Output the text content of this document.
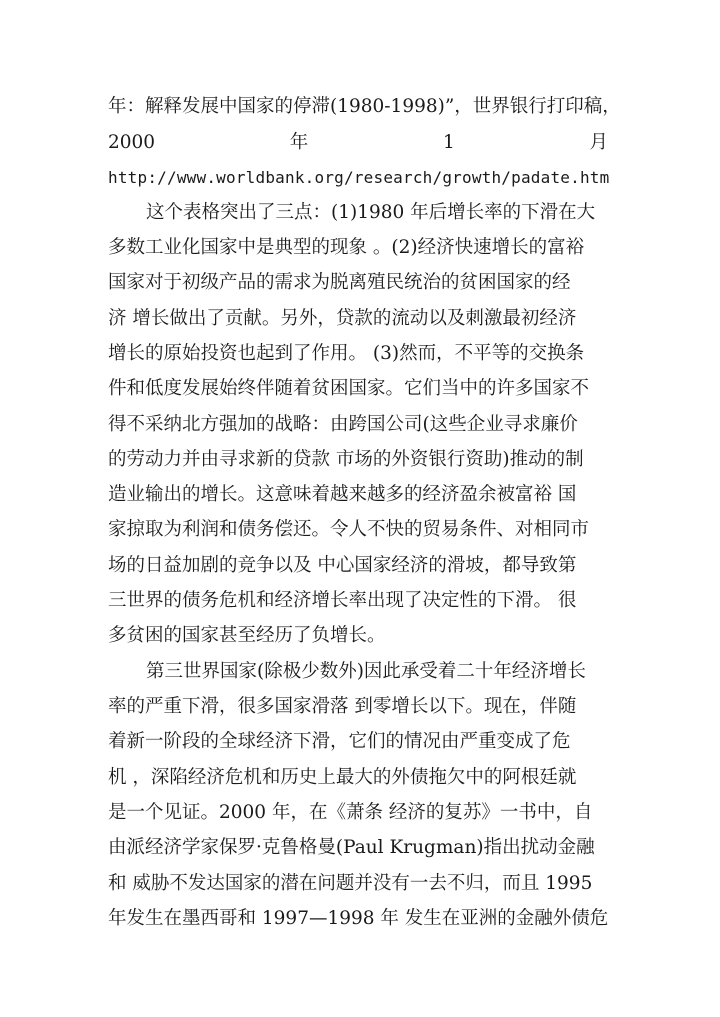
年：解释发展中国家的停滞(1980-1998)”，世界银行打印稿，
2000	年	1	月
http://www.worldbank.org/research/growth/padate.htm
这个表格突出了三点：(1)1980 年后增长率的下滑在大
多数工业化国家中是典型的现象 。(2)经济快速增长的富裕
国家对于初级产品的需求为脱离殖民统治的贫困国家的经
济 增长做出了贡献。另外，贷款的流动以及刺激最初经济
增长的原始投资也起到了作用。 (3)然而，不平等的交换条
件和低度发展始终伴随着贫困国家。它们当中的许多国家不
得不采纳北方强加的战略：由跨国公司(这些企业寻求廉价
的劳动力并由寻求新的贷款 市场的外资银行资助)推动的制
造业输出的增长。这意味着越来越多的经济盈余被富裕 国
家掠取为利润和债务偿还。令人不快的贸易条件、对相同市
场的日益加剧的竞争以及 中心国家经济的滑坡，都导致第
三世界的债务危机和经济增长率出现了决定性的下滑。 很
多贫困的国家甚至经历了负增长。
第三世界国家(除极少数外)因此承受着二十年经济增长
率的严重下滑，很多国家滑落 到零增长以下。现在，伴随
着新一阶段的全球经济下滑，它们的情况由严重变成了危
机 ，深陷经济危机和历史上最大的外债拖欠中的阿根廷就
是一个见证。2000 年，在《萧条 经济的复苏》一书中，自
由派经济学家保罗·克鲁格曼(Paul Krugman)指出扰动金融
和 威胁不发达国家的潜在问题并没有一去不归，而且 1995
年发生在墨西哥和 1997—1998 年 发生在亚洲的金融外债危
